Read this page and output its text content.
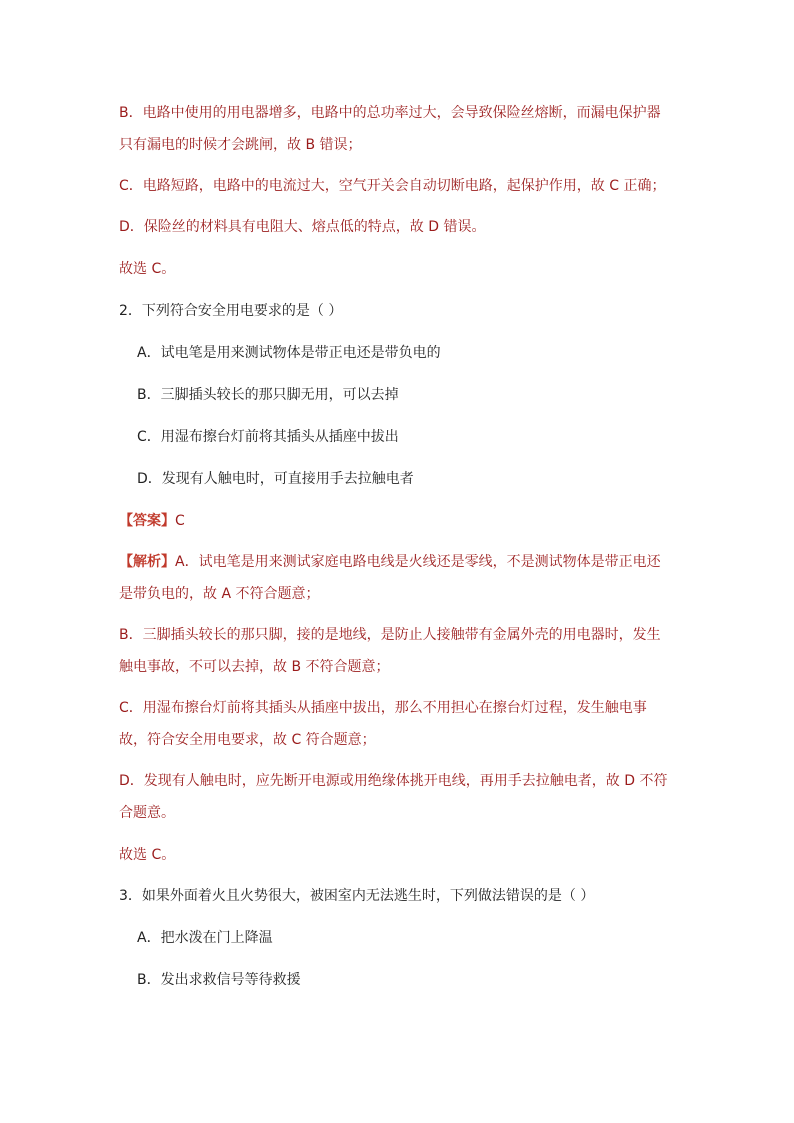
B．电路中使用的用电器增多，电路中的总功率过大，会导致保险丝熔断，而漏电保护器
只有漏电的时候才会跳闸，故 B 错误；
C．电路短路，电路中的电流过大，空气开关会自动切断电路，起保护作用，故 C 正确；
D．保险丝的材料具有电阻大、熔点低的特点，故 D 错误。
故选 C。
2．下列符合安全用电要求的是（ ）
A．试电笔是用来测试物体是带正电还是带负电的
B．三脚插头较长的那只脚无用，可以去掉
C．用湿布擦台灯前将其插头从插座中拔出
D．发现有人触电时，可直接用手去拉触电者
【答案】C
【解析】A．试电笔是用来测试家庭电路电线是火线还是零线，不是测试物体是带正电还
是带负电的，故 A 不符合题意；
B．三脚插头较长的那只脚，接的是地线，是防止人接触带有金属外壳的用电器时，发生
触电事故，不可以去掉，故 B 不符合题意；
C．用湿布擦台灯前将其插头从插座中拔出，那么不用担心在擦台灯过程，发生触电事
故，符合安全用电要求，故 C 符合题意；
D．发现有人触电时，应先断开电源或用绝缘体挑开电线，再用手去拉触电者，故 D 不符
合题意。
故选 C。
3．如果外面着火且火势很大，被困室内无法逃生时，下列做法错误的是（ ）
A．把水泼在门上降温
B．发出求救信号等待救援
